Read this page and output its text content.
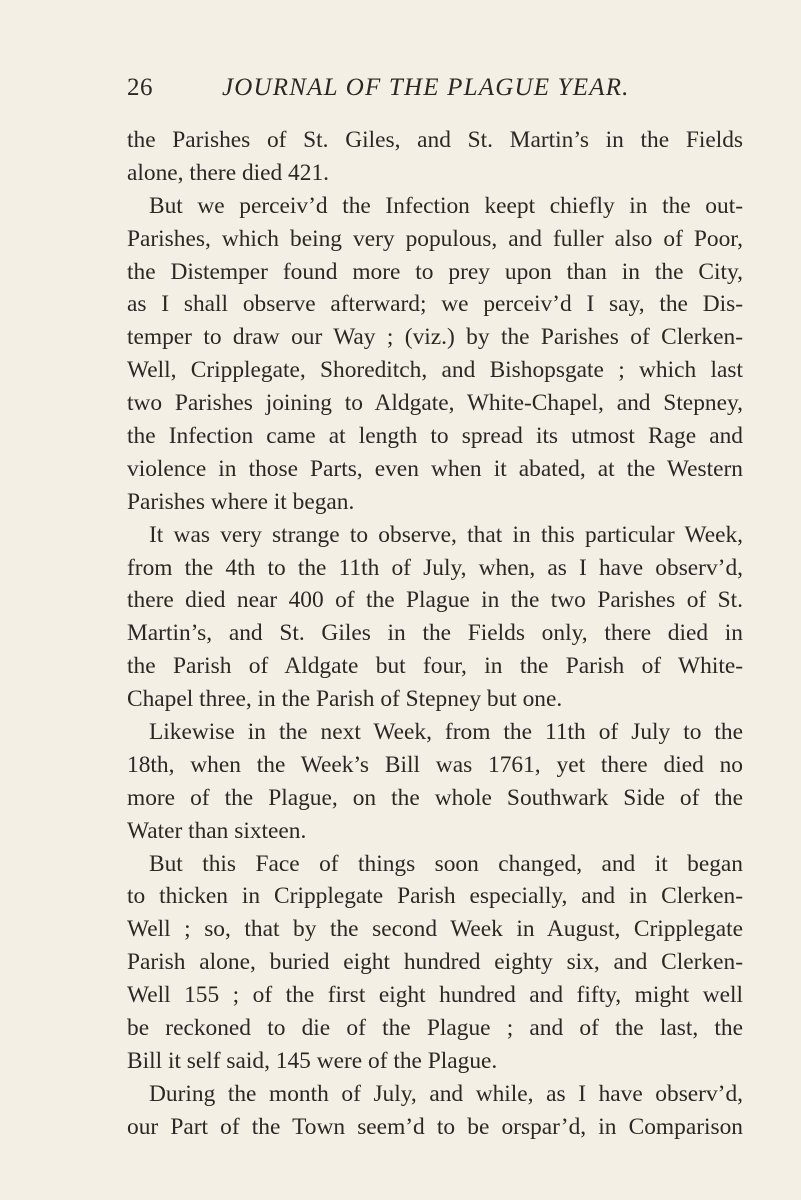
26	JOURNAL OF THE PLAGUE YEAR.
the Parishes of St. Giles, and St. Martin’s in the Fields
alone, there died 421.
But we perceiv’d the Infection keept chiefly in the out-
Parishes, which being very populous, and fuller also of Poor,
the Distemper found more to prey upon than in the City,
as I shall observe afterward; we perceiv’d I say, the Dis-
temper to draw our Way ; (viz.) by the Parishes of Clerken-
Well, Cripplegate, Shoreditch, and Bishopsgate ; which last
two Parishes joining to Aldgate, White-Chapel, and Stepney,
the Infection came at length to spread its utmost Rage and
violence in those Parts, even when it abated, at the Western
Parishes where it began.
It was very strange to observe, that in this particular Week,
from the 4th to the 11th of July, when, as I have observ’d,
there died near 400 of the Plague in the two Parishes of St.
Martin’s, and St. Giles in the Fields only, there died in
the Parish of Aldgate but four, in the Parish of White-
Chapel three, in the Parish of Stepney but one.
Likewise in the next Week, from the 11th of July to the
18th, when the Week’s Bill was 1761, yet there died no
more of the Plague, on the whole Southwark Side of the
Water than sixteen.
But this Face of things soon changed, and it began
to thicken in Cripplegate Parish especially, and in Clerken-
Well ; so, that by the second Week in August, Cripplegate
Parish alone, buried eight hundred eighty six, and Clerken-
Well 155 ; of the first eight hundred and fifty, might well
be reckoned to die of the Plague ; and of the last, the
Bill it self said, 145 were of the Plague.
During the month of July, and while, as I have observ’d,
our Part of the Town seem’d to be orspar’d, in Comparison
